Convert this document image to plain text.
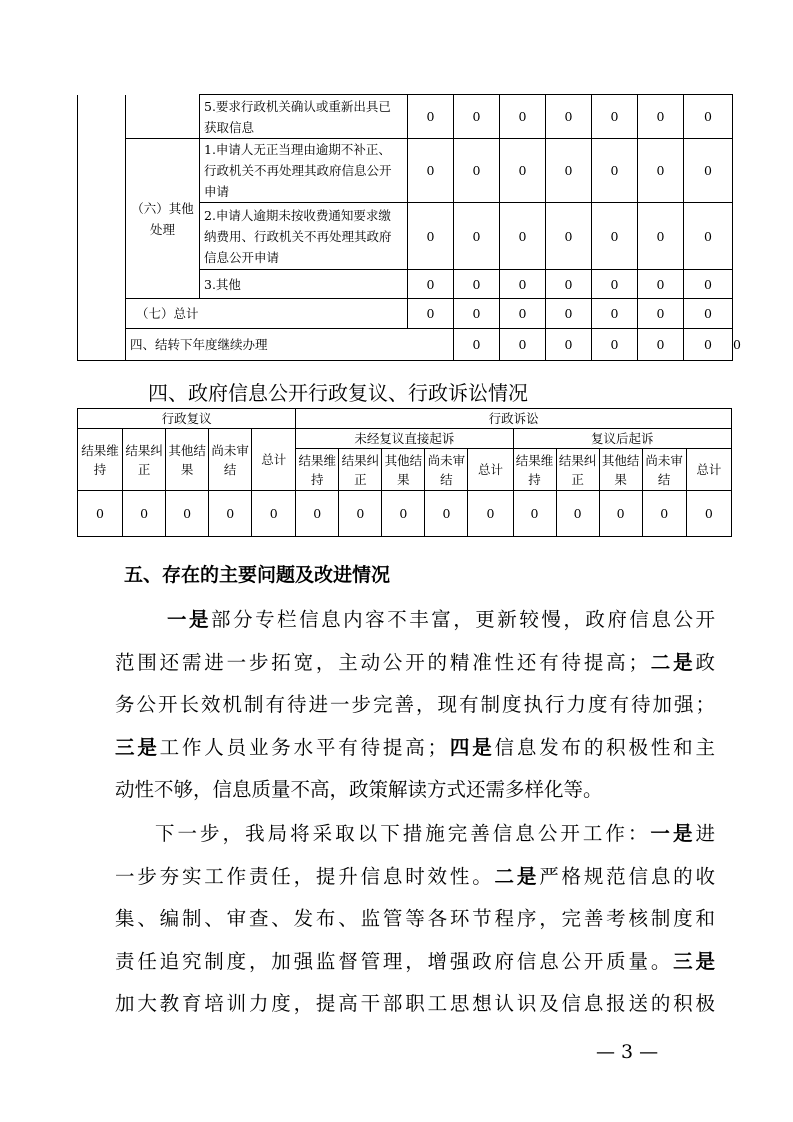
		5.要求行政机关确认或重新出具已获取信息	0	0	0	0	0	0	0	
	（六）其他处理	1.申请人无正当理由逾期不补正、行政机关不再处理其政府信息公开申请	0	0	0	0	0	0	0	
		2.申请人逾期未按收费通知要求缴纳费用、行政机关不再处理其政府信息公开申请	0	0	0	0	0	0	0	
		3.其他	0	0	0	0	0	0	0	
	（七）总计		0	0	0	0	0	0	0	
	四、结转下年度继续办理			0	0	0	0	0	0	0
四、政府信息公开行政复议、行政诉讼情况
行政复议					行政诉讼									
结果维持	结果纠正	其他结果	尚未审结	总计	未经复议直接起诉					复议后起诉				
					结果维持	结果纠正	其他结果	尚未审结	总计	结果维持	结果纠正	其他结果	尚未审结	总计
0	0	0	0	0	0	0	0	0	0	0	0	0	0	0
五、存在的主要问题及改进情况
一是部分专栏信息内容不丰富，更新较慢，政府信息公开
范围还需进一步拓宽，主动公开的精准性还有待提高；二是政
务公开长效机制有待进一步完善，现有制度执行力度有待加强；
三是工作人员业务水平有待提高；四是信息发布的积极性和主
动性不够，信息质量不高，政策解读方式还需多样化等。
下一步，我局将采取以下措施完善信息公开工作：一是进
一步夯实工作责任，提升信息时效性。二是严格规范信息的收
集、编制、审查、发布、监管等各环节程序，完善考核制度和
责任追究制度，加强监督管理，增强政府信息公开质量。三是
加大教育培训力度，提高干部职工思想认识及信息报送的积极
— 3 —
